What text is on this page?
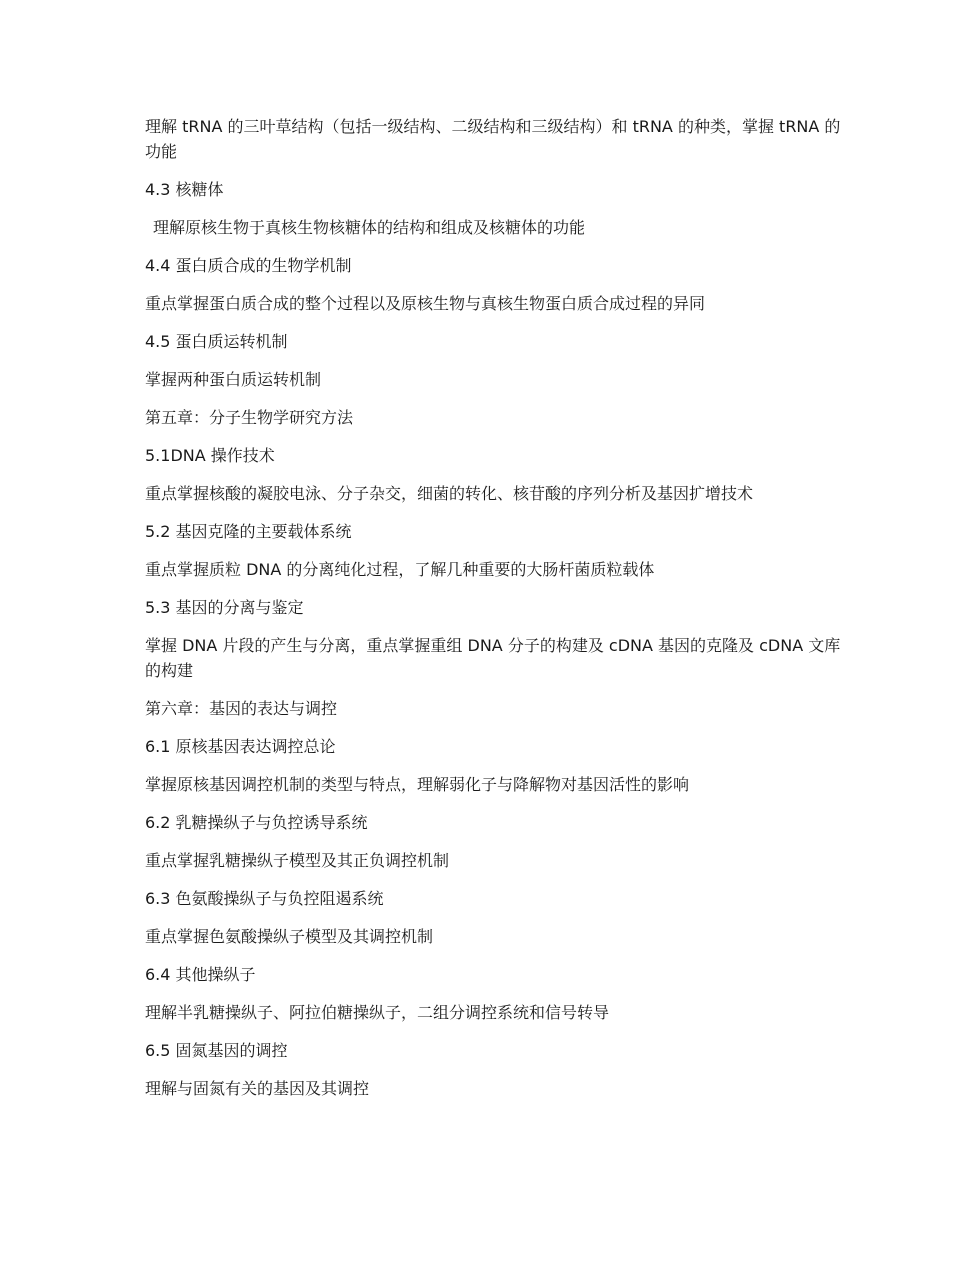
理解 tRNA 的三叶草结构（包括一级结构、二级结构和三级结构）和 tRNA 的种类，掌握 tRNA 的功能

4.3 核糖体

理解原核生物于真核生物核糖体的结构和组成及核糖体的功能

4.4 蛋白质合成的生物学机制

重点掌握蛋白质合成的整个过程以及原核生物与真核生物蛋白质合成过程的异同

4.5 蛋白质运转机制

掌握两种蛋白质运转机制

第五章：分子生物学研究方法

5.1DNA 操作技术

重点掌握核酸的凝胶电泳、分子杂交，细菌的转化、核苷酸的序列分析及基因扩增技术

5.2 基因克隆的主要载体系统

重点掌握质粒 DNA 的分离纯化过程，了解几种重要的大肠杆菌质粒载体

5.3 基因的分离与鉴定

掌握 DNA 片段的产生与分离，重点掌握重组 DNA 分子的构建及 cDNA 基因的克隆及 cDNA 文库的构建

第六章：基因的表达与调控

6.1 原核基因表达调控总论

掌握原核基因调控机制的类型与特点，理解弱化子与降解物对基因活性的影响

6.2 乳糖操纵子与负控诱导系统

重点掌握乳糖操纵子模型及其正负调控机制

6.3 色氨酸操纵子与负控阻遏系统

重点掌握色氨酸操纵子模型及其调控机制

6.4 其他操纵子

理解半乳糖操纵子、阿拉伯糖操纵子，二组分调控系统和信号转导

6.5 固氮基因的调控

理解与固氮有关的基因及其调控
